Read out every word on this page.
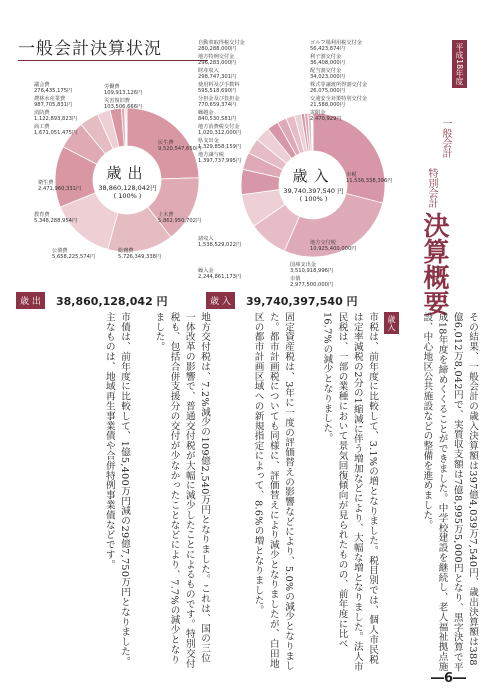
一般会計決算状況
歳出
38,860,128,042円
( 100% )
歳入
39,740,397,540 円
( 100% )
議会費
276,435,175円
農林水産業費
987,705,831円
消防費
1,122,893,823円
商工費
1,671,051,475円
衛生費
2,471,960,331円
教育費
5,348,288,954円
公債費
5,658,225,574円
労働費
109,913,126円
災害復旧費
103,506,666円
民生費
9,520,547,650円
土木費
5,862,950,702円
総務費
5,726,349,338円
自動車取得税交付金
280,288,000円
地方特例交付金
296,283,000円
財産収入
298,747,301円
使用料及び手数料
595,518,690円
分担金及び負担金
770,659,374円
繰越金
840,530,581円
地方消費税交付金
1,020,312,000円
県支出金
1,329,858,159円
地方譲与税
1,397,737,995円
諸収入
1,538,529,022円
繰入金
2,244,861,173円
ゴルフ場利用税交付金
56,423,874円
利子割交付金
36,408,000円
配当割交付金
34,023,000円
株式等譲渡所得割交付金
26,075,000円
交通安全対策特別交付金
21,588,000円
寄附金
2,470,929円
市税
11,536,338,396円
地方交付税
10,925,400,000円
国庫支出金
3,510,918,996円
市債
2,977,500,000円
歳 出	38,860,128,042 円	歳 入	39,740,397,540 円
平成18年度
一般会計
特別会計
決算概要
その結果、一般会計の歳入決算額は397億4,039万7,540円、歳出決算額は388億6,012万8,042円で、実質収支額は7億8,995万5,000円となり、黒字決算で平成18年度を締めくくることができました。中学校建設を継続し、老人福祉拠点施設、中心地区公共施設などの整備を進めました。
歳入
市税は、前年度に比較して、3.1%の増となりました。税目別では、個人市民税は定率減税の2分の1縮減に伴う増加などにより、大幅な増となりました。法人市民税は、一部の業種において景気回復傾向が見られたものの、前年度に比べ16.7%の減少となりました。
固定資産税は、3年に一度の評価替えの影響などにより、5.0%の減少となりました。都市計画税についても同様に、評価替えにより減少となりましたが、白田地区の都市計画区域への新規指定によって、8.6%の増となりました。
地方交付税は、7.2%減少の109億2,540万円となりました。これは、国の三位一体改革の影響で、普通交付税が大幅に減少したことによるものです。特別交付税も、包括合併支援分の交付が少なかったことなどにより、7.7%の減少となりました。
市債は、前年度に比較して、1億5,400万円減の29億7,750万円となりました。主なものは、地域再生事業債や合併特例事業債などです。
―6―
